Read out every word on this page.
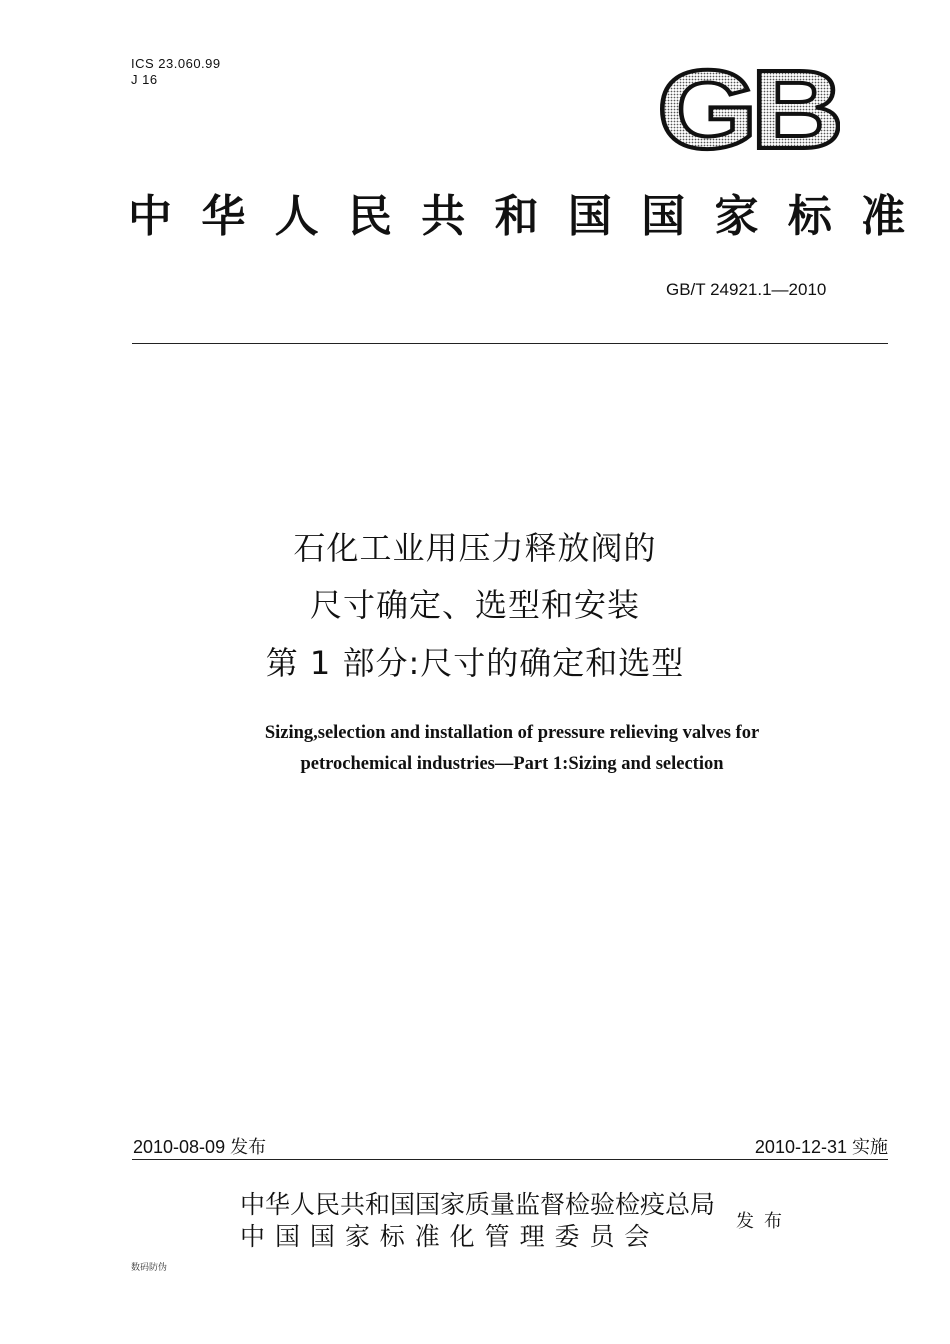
ICS 23.060.99
J 16	GB
中 华 人 民 共 和 国 国 家 标 准
GB/T 24921.1—2010
石化工业用压力释放阀的
尺寸确定、选型和安装
第 1 部分:尺寸的确定和选型
Sizing,selection and installation of pressure relieving valves for
petrochemical industries—Part 1:Sizing and selection
2010-08-09 发布	2010-12-31 实施
中华人民共和国国家质量监督检验检疫总局
中 国 国 家 标 准 化 管 理 委 员 会
发布
数码防伪
